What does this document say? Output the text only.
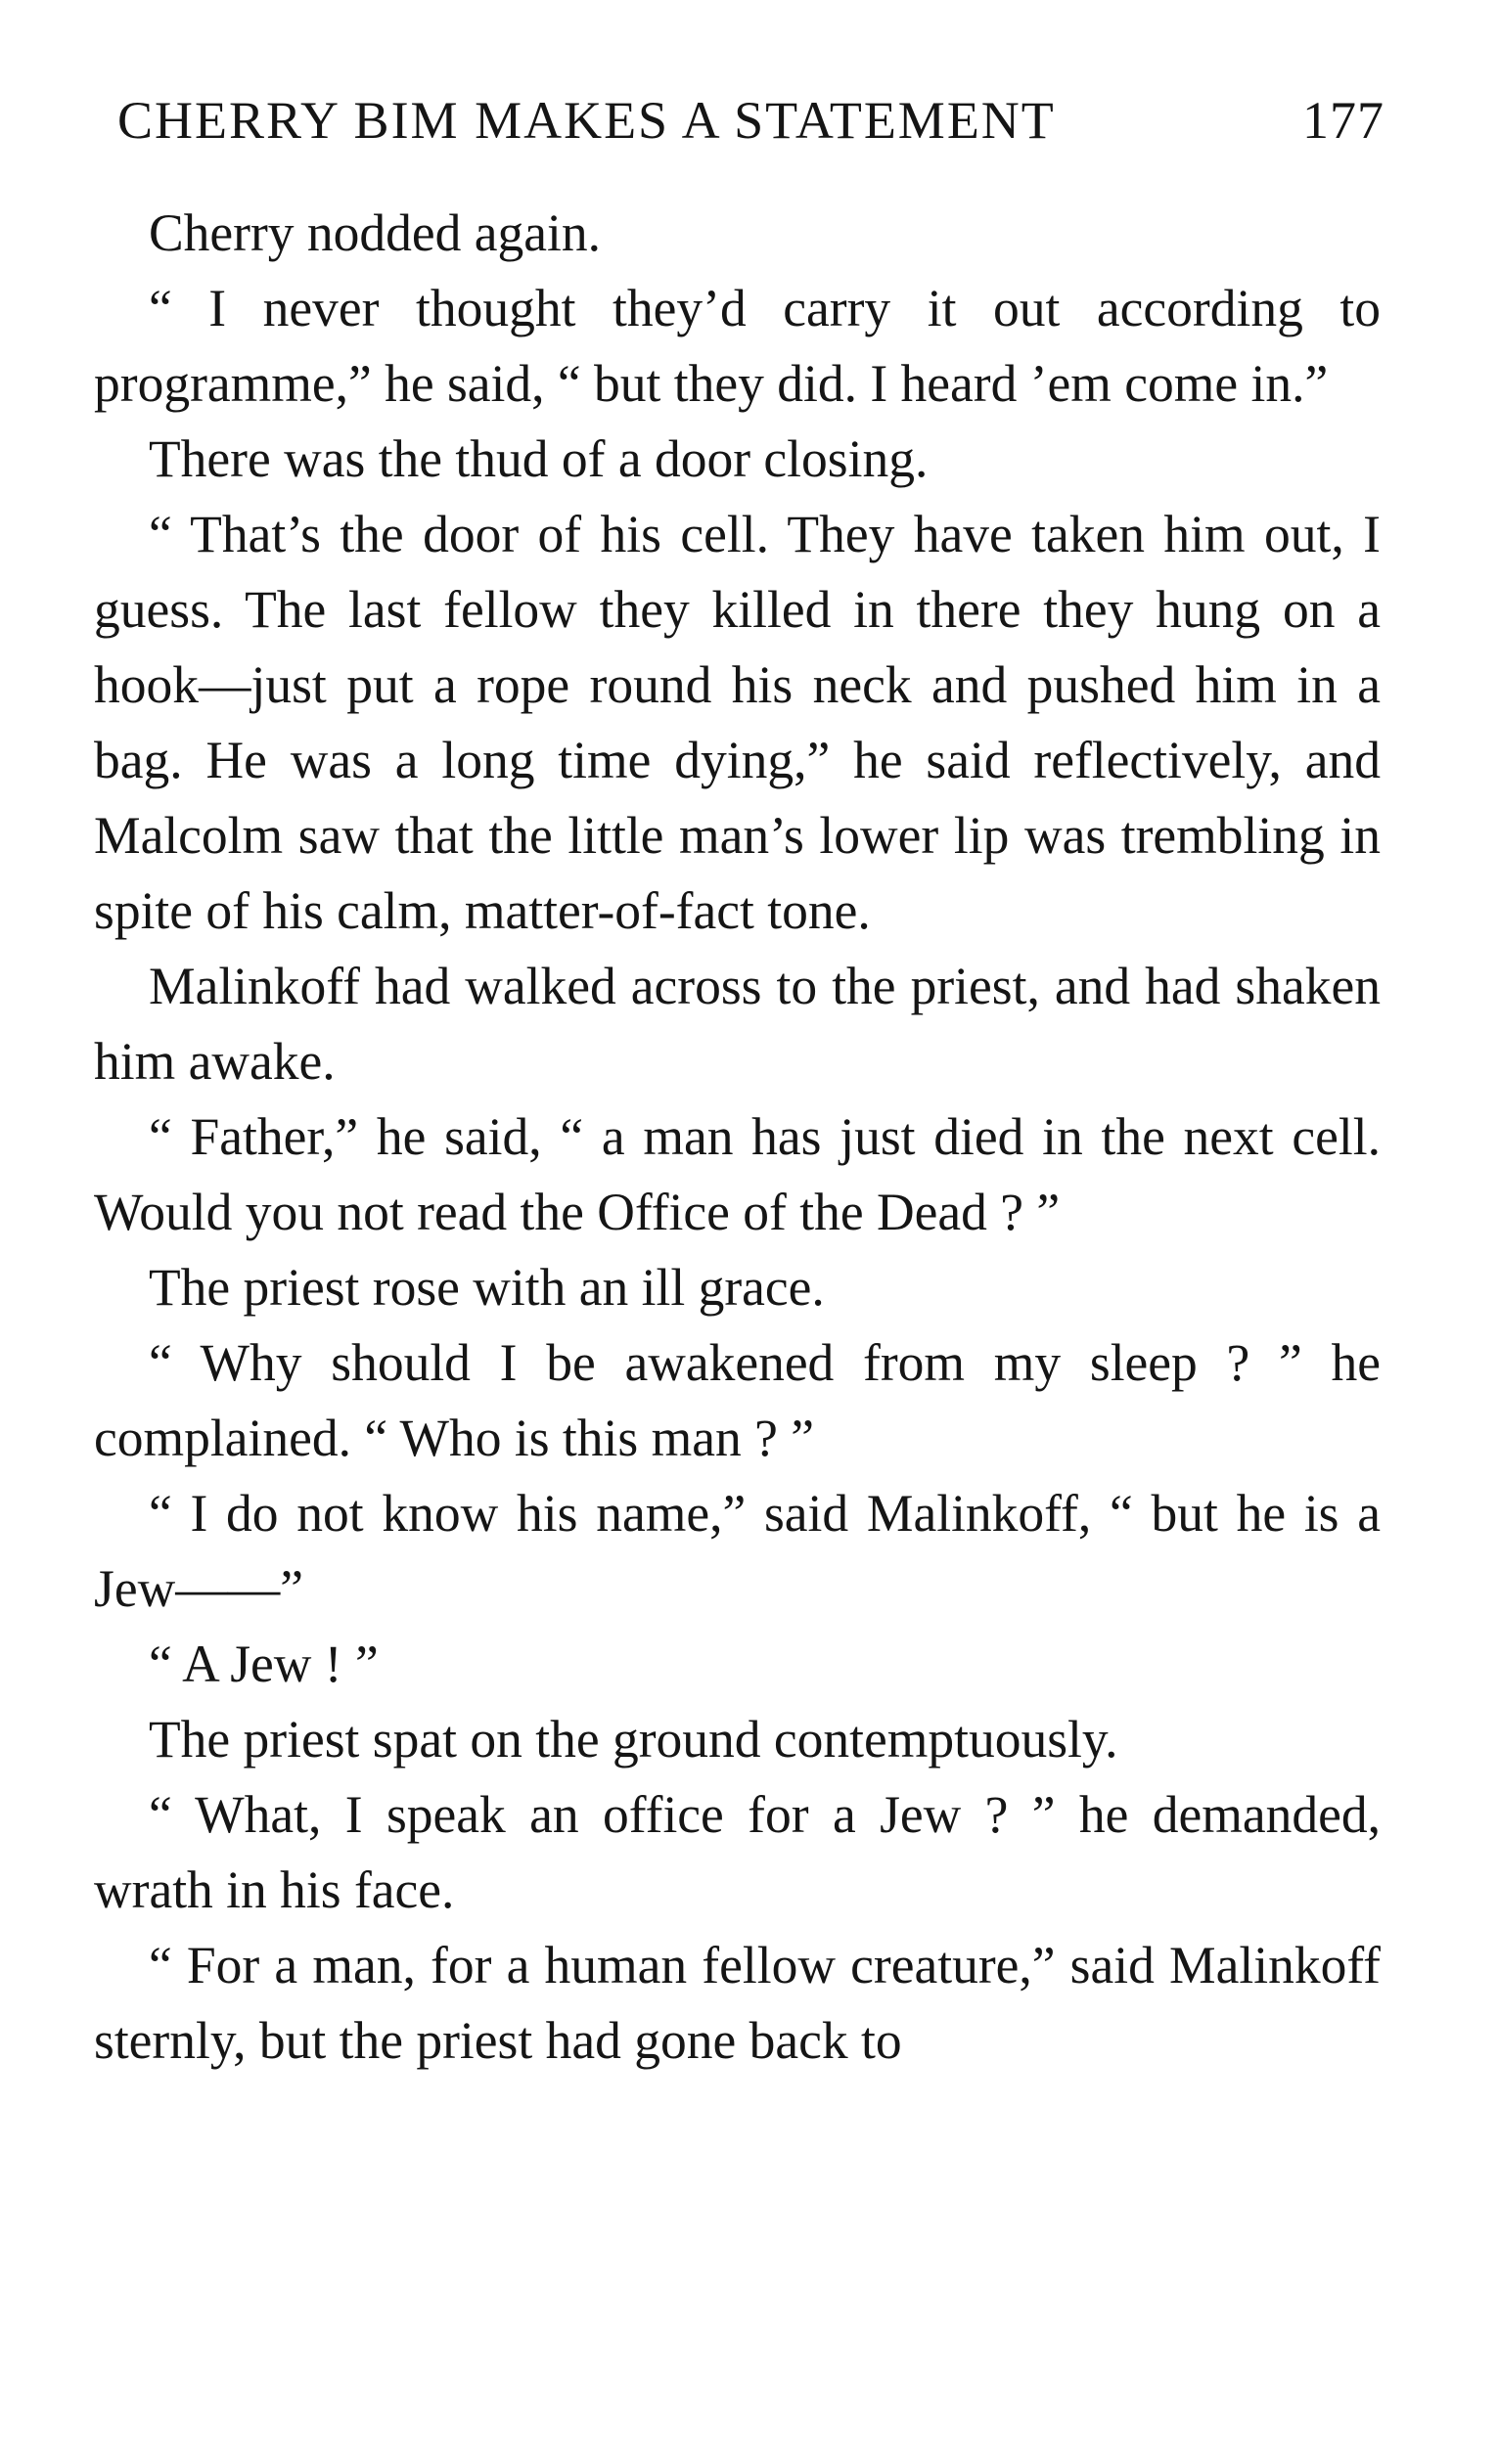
CHERRY BIM MAKES A STATEMENT	177

Cherry nodded again.

“ I never thought they’d carry it out according to programme,” he said, “ but they did. I heard ’em come in.”

There was the thud of a door closing.

“ That’s the door of his cell. They have taken him out, I guess. The last fellow they killed in there they hung on a hook—just put a rope round his neck and pushed him in a bag. He was a long time dying,” he said reflectively, and Malcolm saw that the little man’s lower lip was trembling in spite of his calm, matter-of-fact tone.

Malinkoff had walked across to the priest, and had shaken him awake.

“ Father,” he said, “ a man has just died in the next cell. Would you not read the Office of the Dead ? ”

The priest rose with an ill grace.

“ Why should I be awakened from my sleep ? ” he complained. “ Who is this man ? ”

“ I do not know his name,” said Malinkoff, “ but he is a Jew——”

“ A Jew ! ”

The priest spat on the ground contemptuously.

“ What, I speak an office for a Jew ? ” he demanded, wrath in his face.

“ For a man, for a human fellow creature,” said Malinkoff sternly, but the priest had gone back to
